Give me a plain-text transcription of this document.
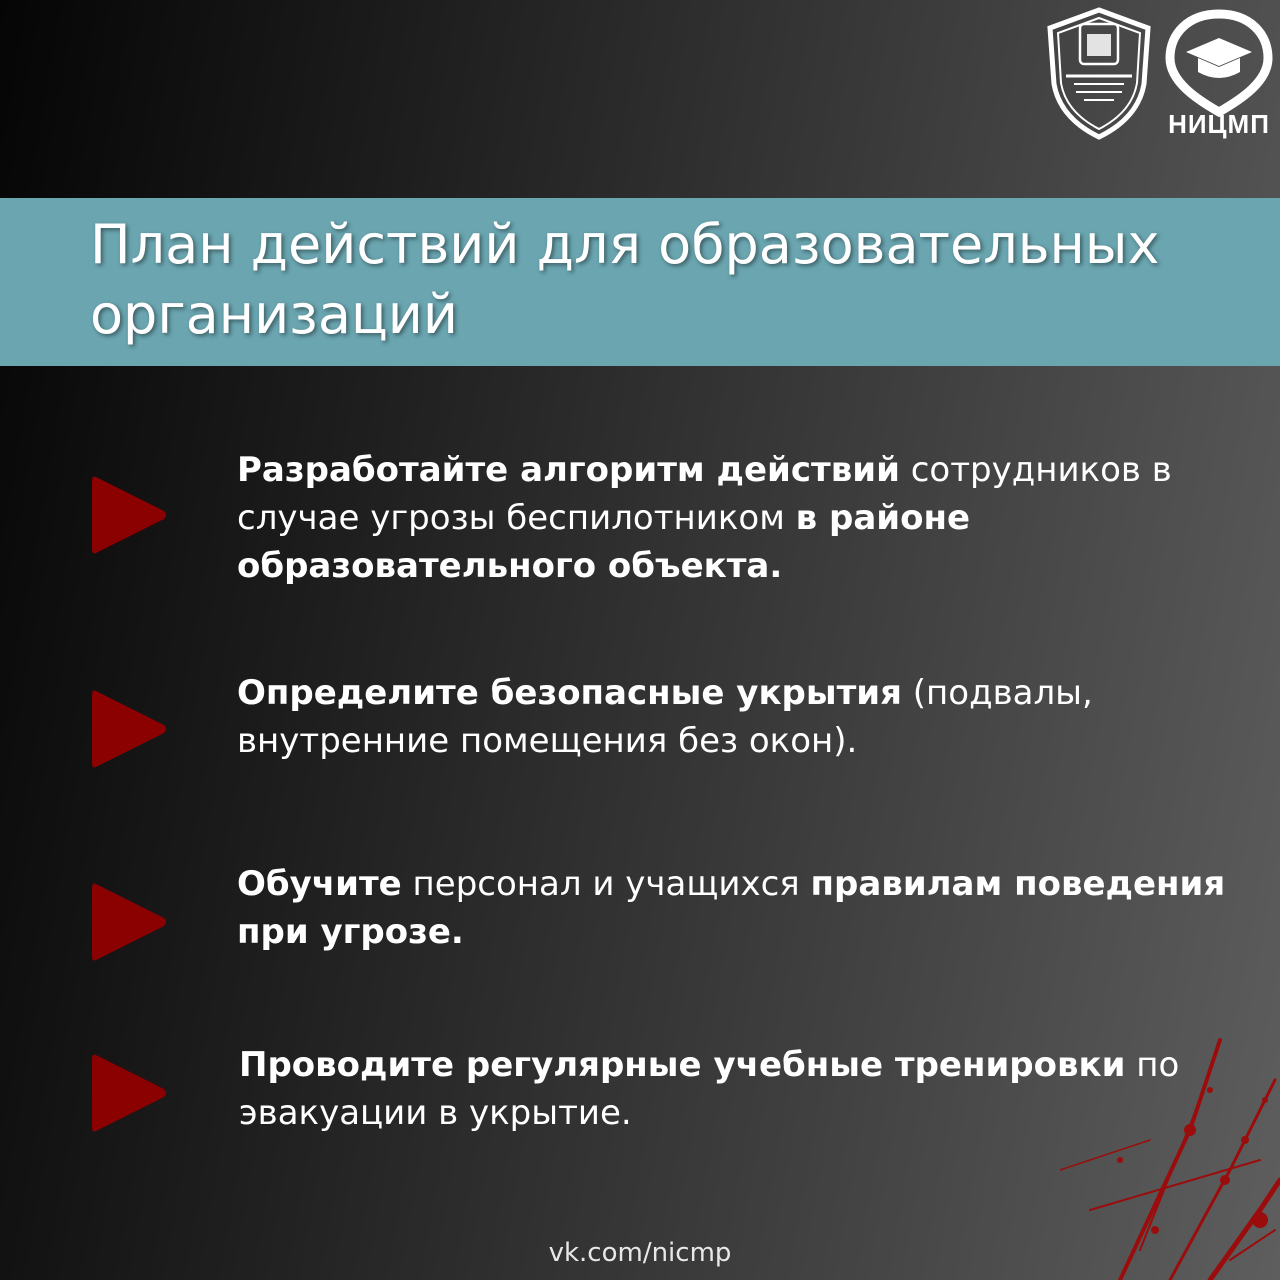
НИЦМП
План действий для образовательных организаций

Разработайте алгоритм действий сотрудников в случае угрозы беспилотником в районе образовательного объекта.

Определите безопасные укрытия (подвалы, внутренние помещения без окон).

Обучите персонал и учащихся правилам поведения при угрозе.

Проводите регулярные учебные тренировки по эвакуации в укрытие.

vk.com/nicmp
